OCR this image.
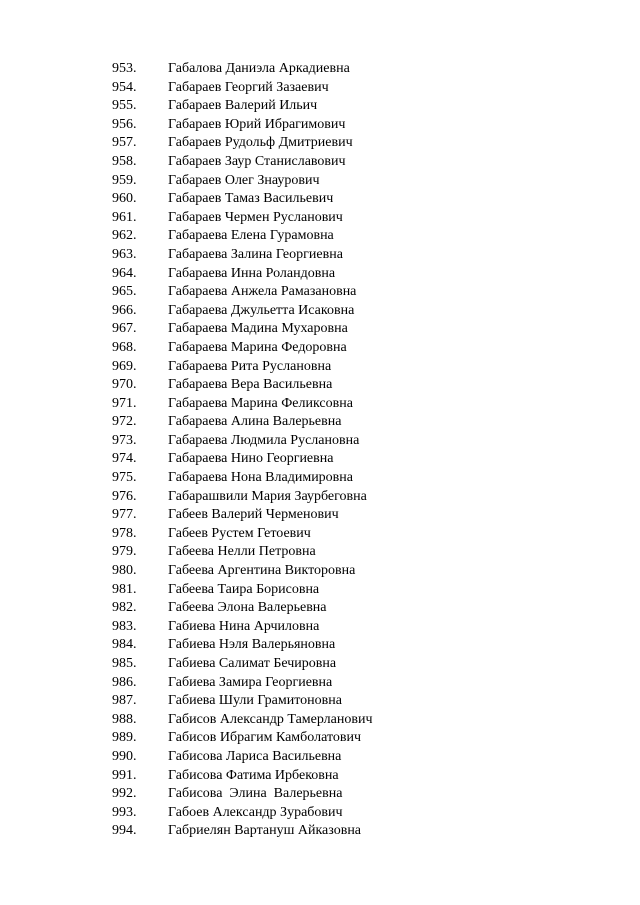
953.	Габалова Даниэла Аркадиевна
954.	Габараев Георгий Зазаевич
955.	Габараев Валерий Ильич
956.	Габараев Юрий Ибрагимович
957.	Габараев Рудольф Дмитриевич
958.	Габараев Заур Станиславович
959.	Габараев Олег Знаурович
960.	Габараев Тамаз Васильевич
961.	Габараев Чермен Русланович
962.	Габараева Елена Гурамовна
963.	Габараева Залина Георгиевна
964.	Габараева Инна Роландовна
965.	Габараева Анжела Рамазановна
966.	Габараева Джульетта Исаковна
967.	Габараева Мадина Мухаровна
968.	Габараева Марина Федоровна
969.	Габараева Рита Руслановна
970.	Габараева Вера Васильевна
971.	Габараева Марина Феликсовна
972.	Габараева Алина Валерьевна
973.	Габараева Людмила Руслановна
974.	Габараева Нино Георгиевна
975.	Габараева Нона Владимировна
976.	Габарашвили Мария Заурбеговна
977.	Габеев Валерий Черменович
978.	Габеев Рустем Гетоевич
979.	Габеева Нелли Петровна
980.	Габеева Аргентина Викторовна
981.	Габеева Таира Борисовна
982.	Габеева Элона Валерьевна
983.	Габиева Нина Арчиловна
984.	Габиева Нэля Валерьяновна
985.	Габиева Салимат Бечировна
986.	Габиева Замира Георгиевна
987.	Габиева Шули Грамитоновна
988.	Габисов Александр Тамерланович
989.	Габисов Ибрагим Камболатович
990.	Габисова Лариса Васильевна
991.	Габисова Фатима Ирбековна
992.	Габисова  Элина  Валерьевна
993.	Габоев Александр Зурабович
994.	Габриелян Вартануш Айказовна
